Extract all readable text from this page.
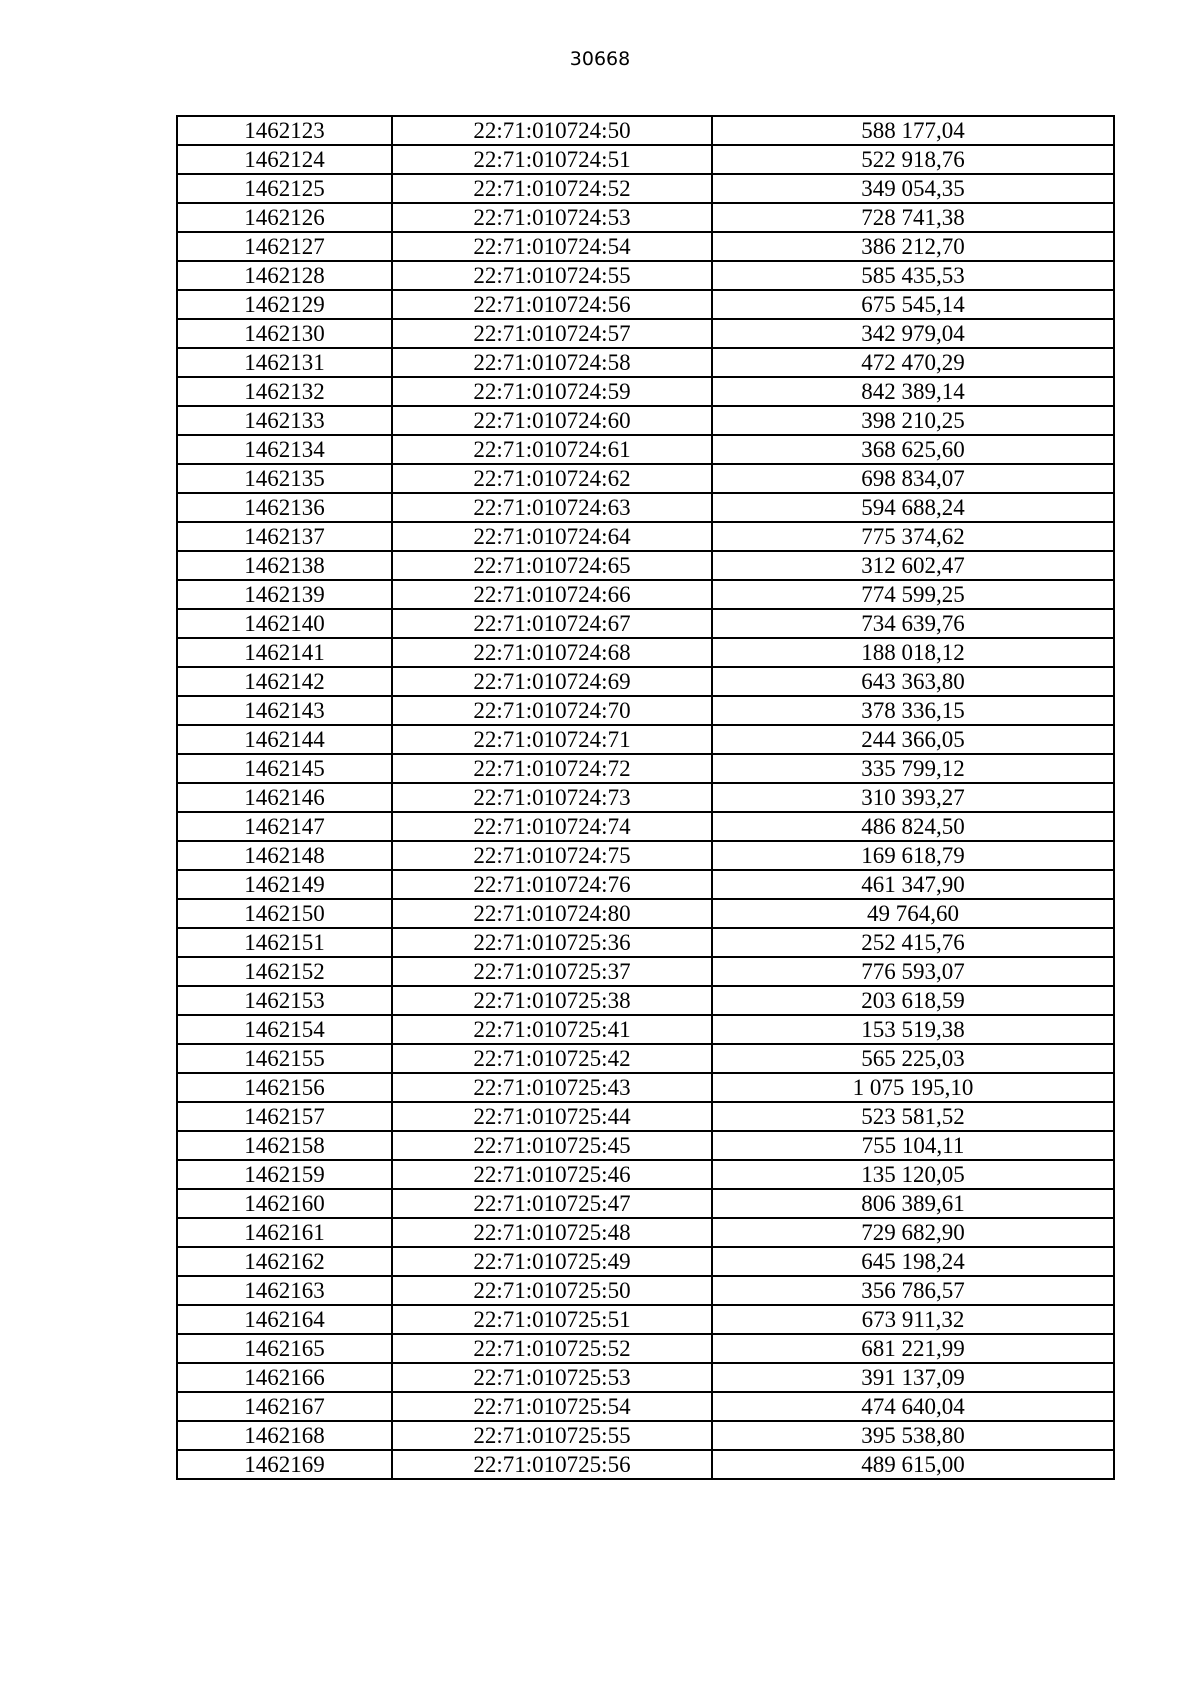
30668
1462123	22:71:010724:50	588 177,04
1462124	22:71:010724:51	522 918,76
1462125	22:71:010724:52	349 054,35
1462126	22:71:010724:53	728 741,38
1462127	22:71:010724:54	386 212,70
1462128	22:71:010724:55	585 435,53
1462129	22:71:010724:56	675 545,14
1462130	22:71:010724:57	342 979,04
1462131	22:71:010724:58	472 470,29
1462132	22:71:010724:59	842 389,14
1462133	22:71:010724:60	398 210,25
1462134	22:71:010724:61	368 625,60
1462135	22:71:010724:62	698 834,07
1462136	22:71:010724:63	594 688,24
1462137	22:71:010724:64	775 374,62
1462138	22:71:010724:65	312 602,47
1462139	22:71:010724:66	774 599,25
1462140	22:71:010724:67	734 639,76
1462141	22:71:010724:68	188 018,12
1462142	22:71:010724:69	643 363,80
1462143	22:71:010724:70	378 336,15
1462144	22:71:010724:71	244 366,05
1462145	22:71:010724:72	335 799,12
1462146	22:71:010724:73	310 393,27
1462147	22:71:010724:74	486 824,50
1462148	22:71:010724:75	169 618,79
1462149	22:71:010724:76	461 347,90
1462150	22:71:010724:80	49 764,60
1462151	22:71:010725:36	252 415,76
1462152	22:71:010725:37	776 593,07
1462153	22:71:010725:38	203 618,59
1462154	22:71:010725:41	153 519,38
1462155	22:71:010725:42	565 225,03
1462156	22:71:010725:43	1 075 195,10
1462157	22:71:010725:44	523 581,52
1462158	22:71:010725:45	755 104,11
1462159	22:71:010725:46	135 120,05
1462160	22:71:010725:47	806 389,61
1462161	22:71:010725:48	729 682,90
1462162	22:71:010725:49	645 198,24
1462163	22:71:010725:50	356 786,57
1462164	22:71:010725:51	673 911,32
1462165	22:71:010725:52	681 221,99
1462166	22:71:010725:53	391 137,09
1462167	22:71:010725:54	474 640,04
1462168	22:71:010725:55	395 538,80
1462169	22:71:010725:56	489 615,00
